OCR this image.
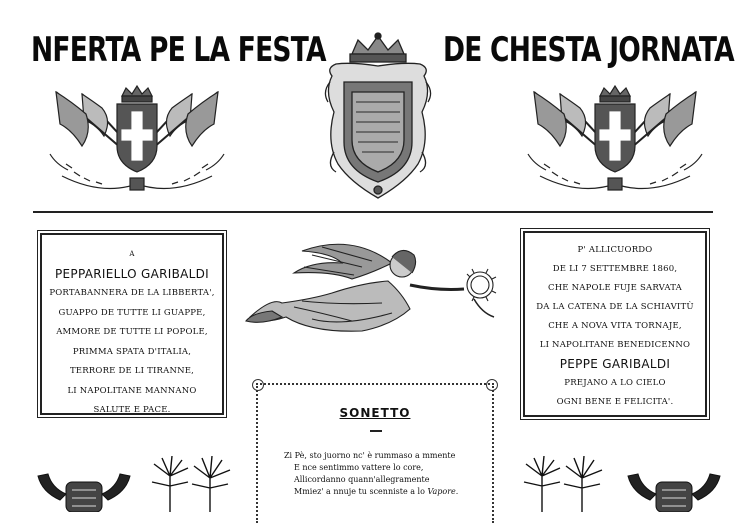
NFERTA PE LA FESTA	DE CHESTA JORNATA
A
PEPPARIELLO GARIBALDI
PORTABANNERA DE LA LIBBERTA',
GUAPPO DE TUTTE LI GUAPPE,
AMMORE DE TUTTE LI POPOLE,
PRIMMA SPATA D'ITALIA,
TERRORE DE LI TIRANNE,
LI NAPOLITANE MANNANO
SALUTE E PACE.
P' ALLICUORDO
DE LI 7 SETTEMBRE 1860,
CHE NAPOLE FUJE SARVATA
DA LA CATENA DE LA SCHIAVITÙ
CHE A NOVA VITA TORNAJE,
LI NAPOLITANE BENEDICENNO
PEPPE GARIBALDI
PREJANO A LO CIELO
OGNI BENE E FELICITA'.
SONETTO
Zi Pè, sto juorno nc' è rummaso a mmente
E nce sentimmo vattere lo core,
Allicordanno quann'allegramente
Mmiez' a nnuje tu scenniste a lo Vapore.
